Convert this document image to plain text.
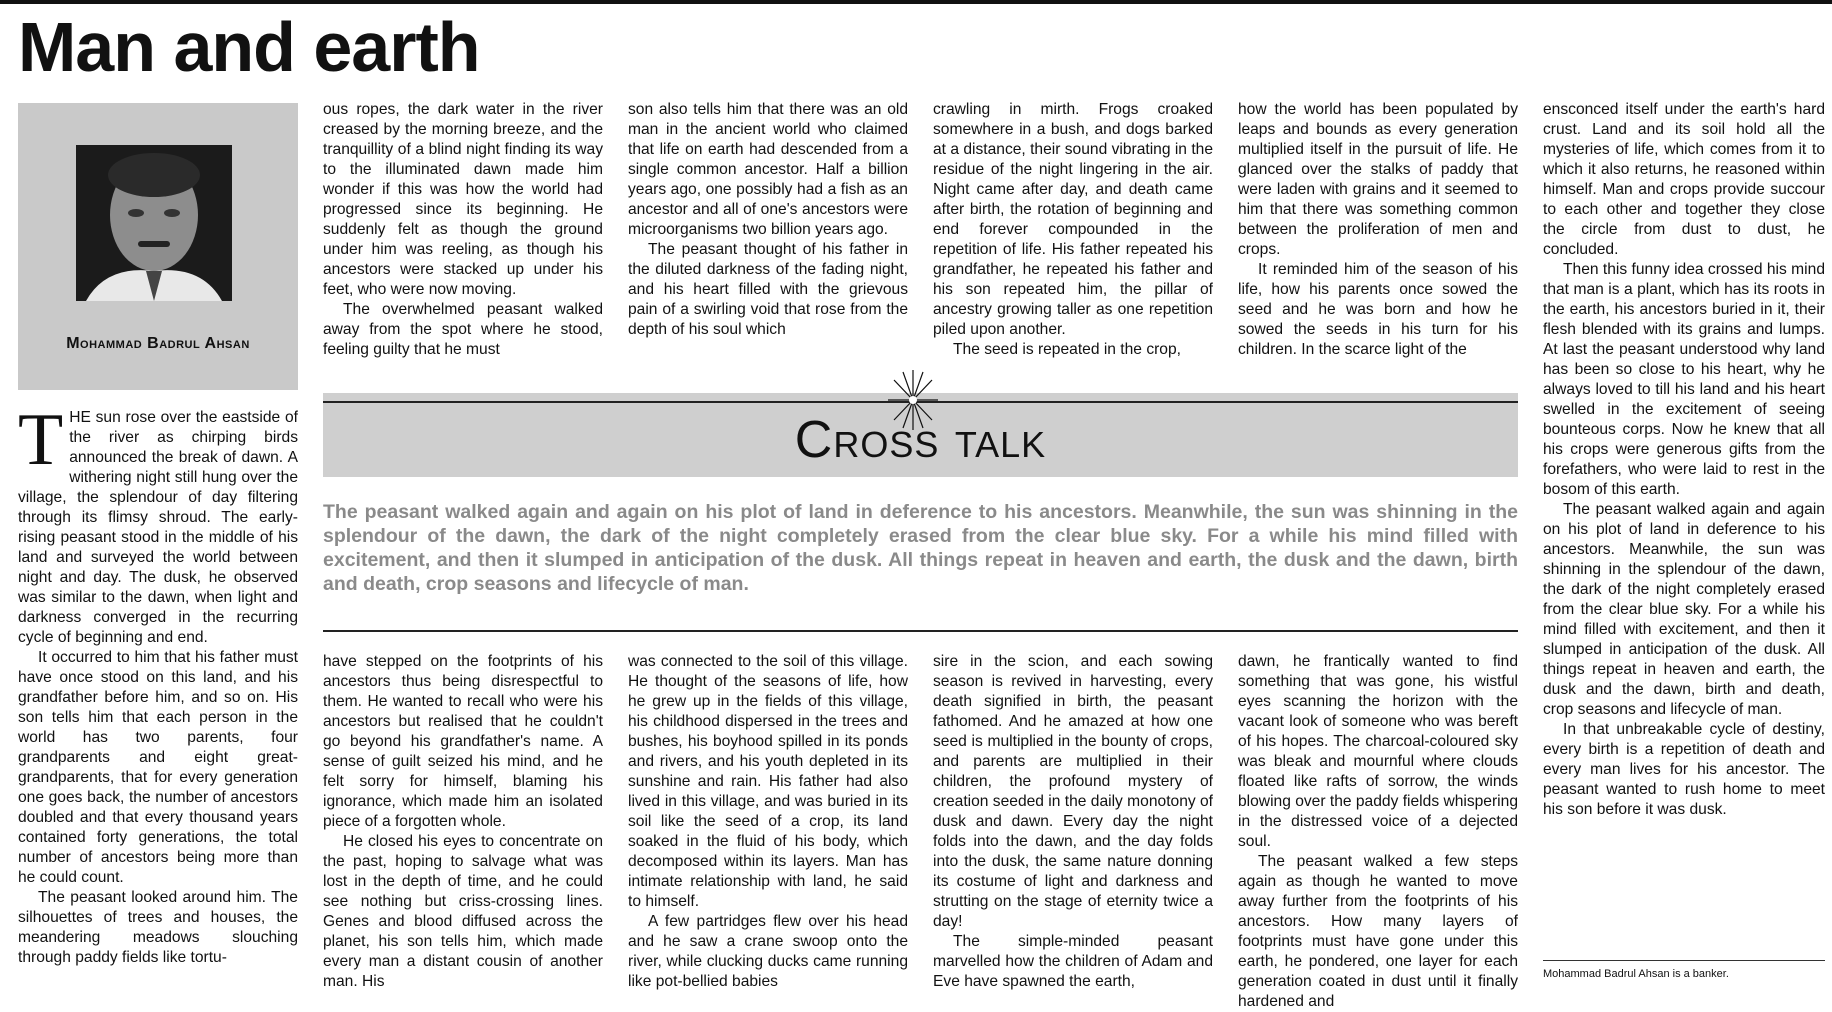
Man and earth
Mohammad Badrul Ahsan

THE sun rose over the eastside of the river as chirping birds announced the break of dawn. A withering night still hung over the village, the splendour of day filtering through its flimsy shroud. The early-rising peasant stood in the middle of his land and surveyed the world between night and day. The dusk, he observed was similar to the dawn, when light and darkness converged in the recurring cycle of beginning and end.

It occurred to him that his father must have once stood on this land, and his grandfather before him, and so on. His son tells him that each person in the world has two parents, four grandparents and eight great-grandparents, that for every generation one goes back, the number of ancestors doubled and that every thousand years contained forty generations, the total number of ancestors being more than he could count.

The peasant looked around him. The silhouettes of trees and houses, the meandering meadows slouching through paddy fields like tortu-

ous ropes, the dark water in the river creased by the morning breeze, and the tranquillity of a blind night finding its way to the illuminated dawn made him wonder if this was how the world had progressed since its beginning. He suddenly felt as though the ground under him was reeling, as though his ancestors were stacked up under his feet, who were now moving.

The overwhelmed peasant walked away from the spot where he stood, feeling guilty that he must

son also tells him that there was an old man in the ancient world who claimed that life on earth had descended from a single common ancestor. Half a billion years ago, one possibly had a fish as an ancestor and all of one's ancestors were microorganisms two billion years ago.

The peasant thought of his father in the diluted darkness of the fading night, and his heart filled with the grievous pain of a swirling void that rose from the depth of his soul which

crawling in mirth. Frogs croaked somewhere in a bush, and dogs barked at a distance, their sound vibrating in the residue of the night lingering in the air. Night came after day, and death came after birth, the rotation of beginning and end forever compounded in the repetition of life. His father repeated his grandfather, he repeated his father and his son repeated him, the pillar of ancestry growing taller as one repetition piled upon another.

The seed is repeated in the crop,

how the world has been populated by leaps and bounds as every generation multiplied itself in the pursuit of life. He glanced over the stalks of paddy that were laden with grains and it seemed to him that there was something common between the proliferation of men and crops.

It reminded him of the season of his life, how his parents once sowed the seed and he was born and how he sowed the seeds in his turn for his children. In the scarce light of the

ensconced itself under the earth's hard crust. Land and its soil hold all the mysteries of life, which comes from it to which it also returns, he reasoned within himself. Man and crops provide succour to each other and together they close the circle from dust to dust, he concluded.

Then this funny idea crossed his mind that man is a plant, which has its roots in the earth, his ancestors buried in it, their flesh blended with its grains and lumps. At last the peasant understood why land has been so close to his heart, why he always loved to till his land and his heart swelled in the excitement of seeing bounteous corps. Now he knew that all his crops were generous gifts from the forefathers, who were laid to rest in the bosom of this earth.

The peasant walked again and again on his plot of land in deference to his ancestors. Meanwhile, the sun was shinning in the splendour of the dawn, the dark of the night completely erased from the clear blue sky. For a while his mind filled with excitement, and then it slumped in anticipation of the dusk. All things repeat in heaven and earth, the dusk and the dawn, birth and death, crop seasons and lifecycle of man.

In that unbreakable cycle of destiny, every birth is a repetition of death and every man lives for his ancestor. The peasant wanted to rush home to meet his son before it was dusk.

Cross talk
The peasant walked again and again on his plot of land in deference to his ancestors. Meanwhile, the sun was shinning in the splendour of the dawn, the dark of the night completely erased from the clear blue sky. For a while his mind filled with excitement, and then it slumped in anticipation of the dusk. All things repeat in heaven and earth, the dusk and the dawn, birth and death, crop seasons and lifecycle of man.

have stepped on the footprints of his ancestors thus being disrespectful to them. He wanted to recall who were his ancestors but realised that he couldn't go beyond his grandfather's name. A sense of guilt seized his mind, and he felt sorry for himself, blaming his ignorance, which made him an isolated piece of a forgotten whole.

He closed his eyes to concentrate on the past, hoping to salvage what was lost in the depth of time, and he could see nothing but criss-crossing lines. Genes and blood diffused across the planet, his son tells him, which made every man a distant cousin of another man. His

was connected to the soil of this village. He thought of the seasons of life, how he grew up in the fields of this village, his childhood dispersed in the trees and bushes, his boyhood spilled in its ponds and rivers, and his youth depleted in its sunshine and rain. His father had also lived in this village, and was buried in its soil like the seed of a crop, its land soaked in the fluid of his body, which decomposed within its layers. Man has intimate relationship with land, he said to himself.

A few partridges flew over his head and he saw a crane swoop onto the river, while clucking ducks came running like pot-bellied babies

sire in the scion, and each sowing season is revived in harvesting, every death signified in birth, the peasant fathomed. And he amazed at how one seed is multiplied in the bounty of crops, and parents are multiplied in their children, the profound mystery of creation seeded in the daily monotony of dusk and dawn. Every day the night folds into the dawn, and the day folds into the dusk, the same nature donning its costume of light and darkness and strutting on the stage of eternity twice a day!

The simple-minded peasant marvelled how the children of Adam and Eve have spawned the earth,

dawn, he frantically wanted to find something that was gone, his wistful eyes scanning the horizon with the vacant look of someone who was bereft of his hopes. The charcoal-coloured sky was bleak and mournful where clouds floated like rafts of sorrow, the winds blowing over the paddy fields whispering in the distressed voice of a dejected soul.

The peasant walked a few steps again as though he wanted to move away further from the footprints of his ancestors. How many layers of footprints must have gone under this earth, he pondered, one layer for each generation coated in dust until it finally hardened and

Mohammad Badrul Ahsan is a banker.
